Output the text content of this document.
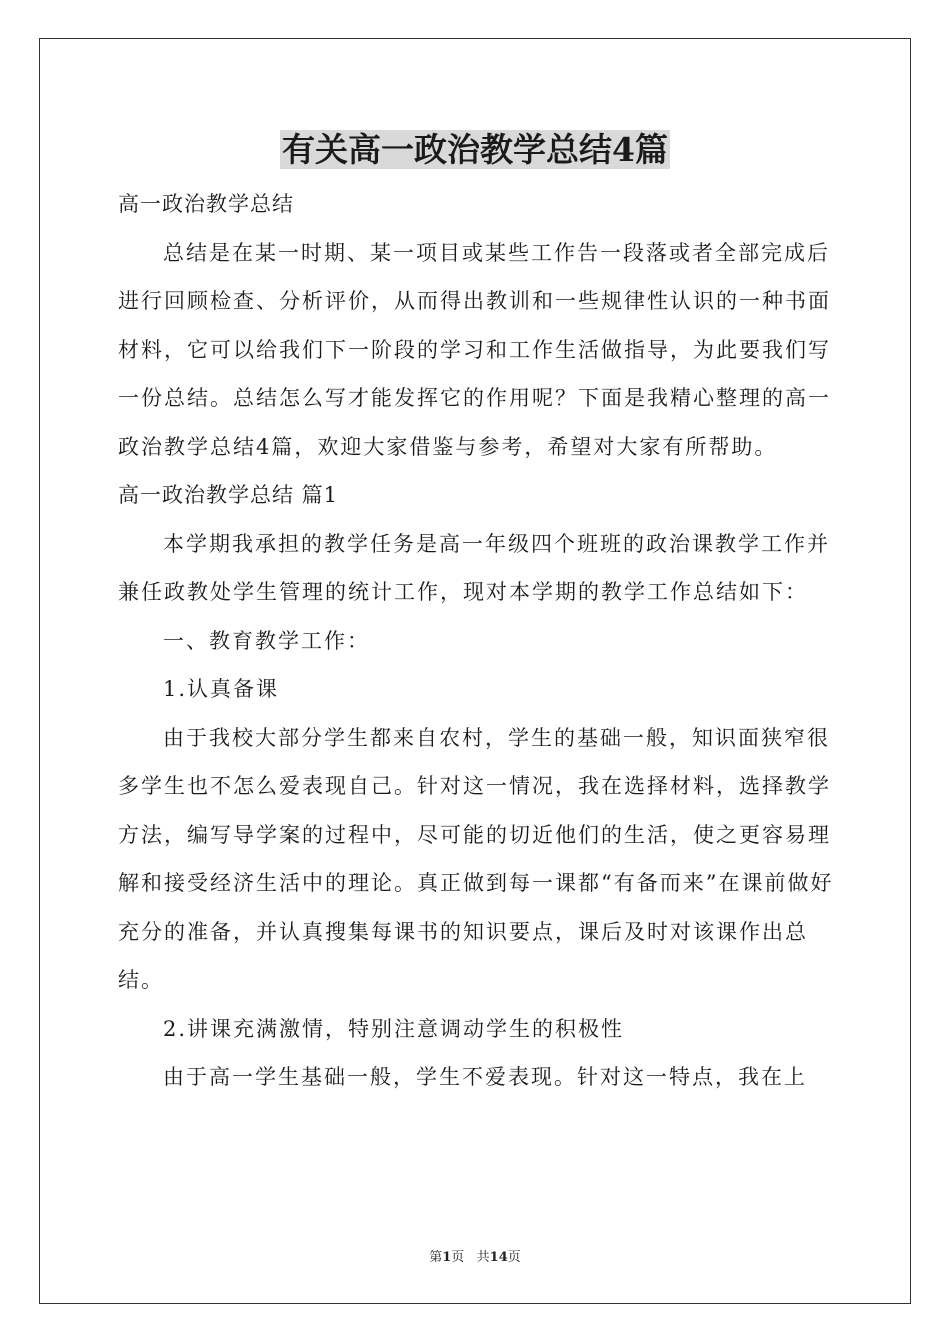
有关高一政治教学总结4篇

高一政治教学总结

总结是在某一时期、某一项目或某些工作告一段落或者全部完成后进行回顾检查、分析评价，从而得出教训和一些规律性认识的一种书面材料，它可以给我们下一阶段的学习和工作生活做指导，为此要我们写一份总结。总结怎么写才能发挥它的作用呢？下面是我精心整理的高一政治教学总结4篇，欢迎大家借鉴与参考，希望对大家有所帮助。

高一政治教学总结 篇1

本学期我承担的教学任务是高一年级四个班班的政治课教学工作并兼任政教处学生管理的统计工作，现对本学期的教学工作总结如下：

一、教育教学工作：

1.认真备课

由于我校大部分学生都来自农村，学生的基础一般，知识面狭窄很多学生也不怎么爱表现自己。针对这一情况，我在选择材料，选择教学方法，编写导学案的过程中，尽可能的切近他们的生活，使之更容易理解和接受经济生活中的理论。真正做到每一课都“有备而来”在课前做好充分的准备，并认真搜集每课书的知识要点，课后及时对该课作出总结。

2.讲课充满激情，特别注意调动学生的积极性

由于高一学生基础一般，学生不爱表现。针对这一特点，我在上

第1页   共14页
